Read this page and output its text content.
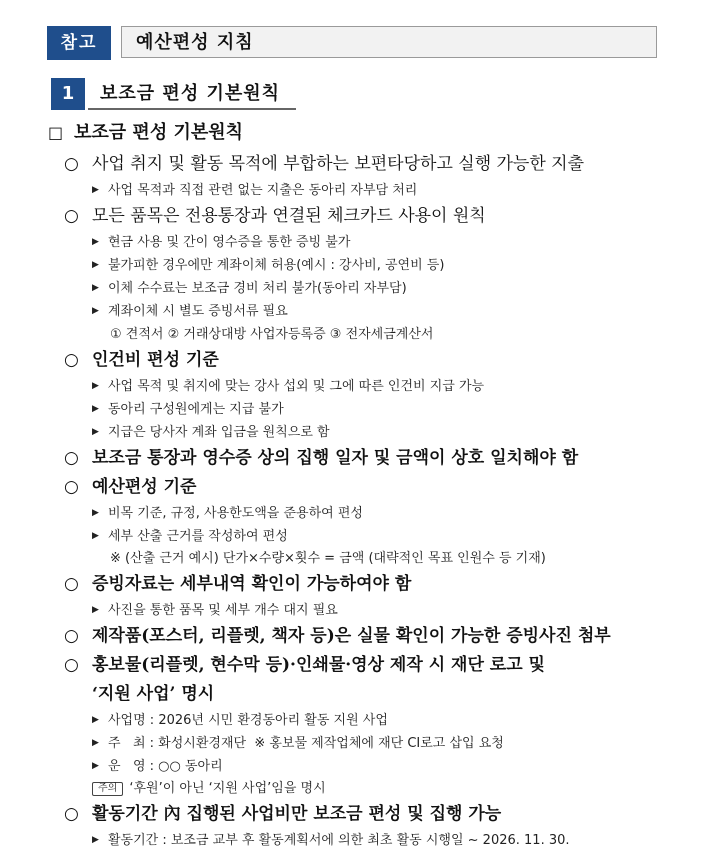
참고	예산편성 지침
1	보조금 편성 기본원칙
□ 보조금 편성 기본원칙
○ 사업 취지 및 활동 목적에 부합하는 보편타당하고 실행 가능한 지출
▶ 사업 목적과 직접 관련 없는 지출은 동아리 자부담 처리
○ 모든 품목은 전용통장과 연결된 체크카드 사용이 원칙
▶ 현금 사용 및 간이 영수증을 통한 증빙 불가
▶ 불가피한 경우에만 계좌이체 허용(예시 : 강사비, 공연비 등)
▶ 이체 수수료는 보조금 경비 처리 불가(동아리 자부담)
▶ 계좌이체 시 별도 증빙서류 필요
① 견적서 ② 거래상대방 사업자등록증 ③ 전자세금계산서
○ 인건비 편성 기준
▶ 사업 목적 및 취지에 맞는 강사 섭외 및 그에 따른 인건비 지급 가능
▶ 동아리 구성원에게는 지급 불가
▶ 지급은 당사자 계좌 입금을 원칙으로 함
○ 보조금 통장과 영수증 상의 집행 일자 및 금액이 상호 일치해야 함
○ 예산편성 기준
▶ 비목 기준, 규정, 사용한도액을 준용하여 편성
▶ 세부 산출 근거를 작성하여 편성
※ (산출 근거 예시) 단가×수량×횟수 = 금액 (대략적인 목표 인원수 등 기재)
○ 증빙자료는 세부내역 확인이 가능하여야 함
▶ 사진을 통한 품목 및 세부 개수 대지 필요
○ 제작품(포스터, 리플렛, 책자 등)은 실물 확인이 가능한 증빙사진 첨부
○ 홍보물(리플렛, 현수막 등)·인쇄물·영상 제작 시 재단 로고 및
‘지원 사업’ 명시
▶ 사업명 : 2026년 시민 환경동아리 활동 지원 사업
▶ 주   최 : 화성시환경재단  ※ 홍보물 제작업체에 재단 CI로고 삽입 요청
▶ 운   영 : ○○ 동아리
주의 ‘후원’이 아닌 ‘지원 사업’임을 명시
○ 활동기간 內 집행된 사업비만 보조금 편성 및 집행 가능
▶ 활동기간 : 보조금 교부 후 활동계획서에 의한 최초 활동 시행일 ~ 2026. 11. 30.
